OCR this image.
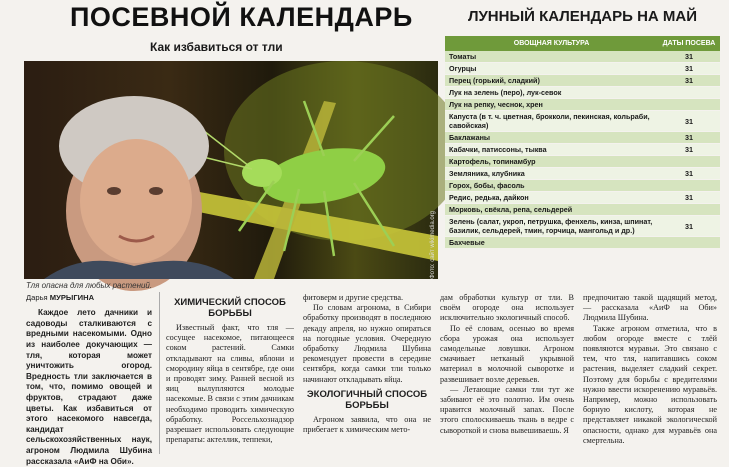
ПОСЕВНОЙ КАЛЕНДАРЬ
Как избавиться от тли
Фото: сайт wikimedia.org
Тля опасна для любых растений.
ЛУННЫЙ КАЛЕНДАРЬ НА МАЙ
ОВОЩНАЯ КУЛЬТУРА	ДАТЫ ПОСЕВА
Томаты	31
Огурцы	31
Перец (горький, сладкий)	31
Лук на зелень (перо), лук-севок
Лук на репку, чеснок, хрен
Капуста (в т. ч. цветная, брокколи, пекинская, кольраби, савойская)	31
Баклажаны	31
Кабачки, патиссоны, тыква	31
Картофель, топинамбур
Земляника, клубника	31
Горох, бобы, фасоль
Редис, редька, дайкон	31
Морковь, свёкла, репа, сельдерей
Зелень (салат, укроп, петрушка, фенхель, кинза, шпинат, базилик, сельдерей, тмин, горчица, мангольд и др.)	31
Бахчевые
Дарья МУРЫГИНА
Каждое лето дачники и садоводы сталкиваются с вредными насекомыми. Одно из наиболее докучающих — тля, которая может уничтожить огород. Вредность тли заключается в том, что, помимо овощей и фруктов, страдают даже цветы. Как избавиться от этого насекомого навсегда, кандидат сельскохозяйственных наук, агроном Людмила Шубина рассказала «АиФ на Оби».
ХИМИЧЕСКИЙ СПОСОБ БОРЬБЫ
Известный факт, что тля — сосущее насекомое, питающееся соком растений. Самки откладывают на сливы, яблони и смородину яйца в сентябре, где они и проводят зиму. Ранней весной из яиц вылупляются молодые насекомые. В связи с этим дачникам необходимо проводить химическую обработку. Россельхознадзор разрешает использовать следующие препараты: актеллик, теппеки,
фитоверм и другие средства.
По словам агронома, в Сибири обработку производят в последнюю декаду апреля, но нужно опираться на погодные условия. Очередную обработку Людмила Шубина рекомендует провести в середине сентября, когда самки тли только начинают откладывать яйца.
ЭКОЛОГИЧНЫЙ СПОСОБ БОРЬБЫ
Агроном заявила, что она не прибегает к химическим мето-
дам обработки культур от тли. В своём огороде она использует исключительно экологичный способ.
По её словам, осенью во время сбора урожая она использует самодельные ловушки. Агроном смачивает нетканый укрывной материал в молочной сыворотке и развешивает возле деревьев.
— Летающие самки тли тут же забивают её это полотно. Им очень нравится молочный запах. После этого сполоскиваешь ткань в ведре с сывороткой и снова вывешиваешь. Я
предпочитаю такой щадящий метод, — рассказала «АиФ на Оби» Людмила Шубина.
Также агроном отметила, что в любом огороде вместе с тлёй появляются муравьи. Это связано с тем, что тля, напитавшись соком растения, выделяет сладкий секрет. Поэтому для борьбы с вредителями нужно ввести искоренению муравьёв. Например, можно использовать борную кислоту, которая не представляет никакой экологической опасности, однако для муравьёв она смертельна.
